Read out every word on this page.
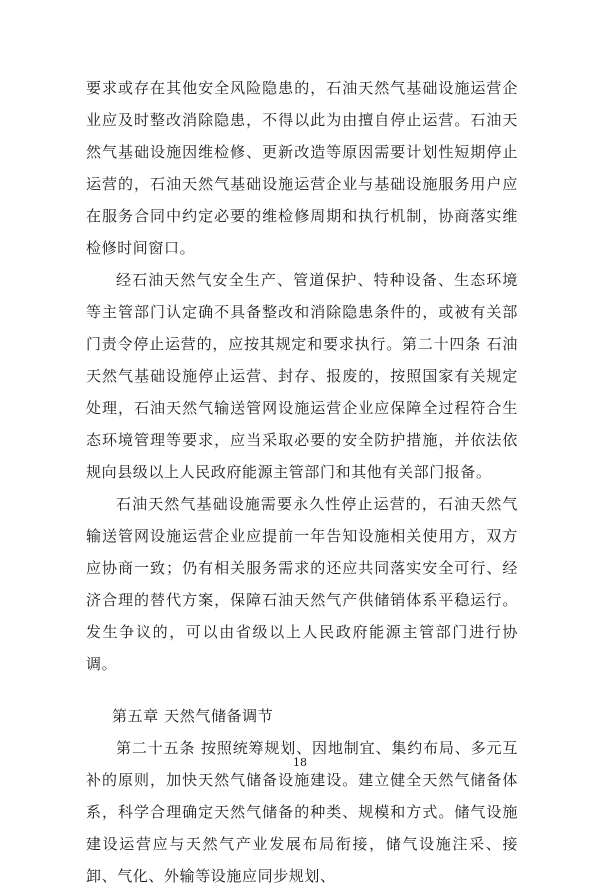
要求或存在其他安全风险隐患的，石油天然气基础设施运营企业应及时整改消除隐患，不得以此为由擅自停止运营。石油天然气基础设施因维检修、更新改造等原因需要计划性短期停止运营的，石油天然气基础设施运营企业与基础设施服务用户应在服务合同中约定必要的维检修周期和执行机制，协商落实维检修时间窗口。

经石油天然气安全生产、管道保护、特种设备、生态环境等主管部门认定确不具备整改和消除隐患条件的，或被有关部门责令停止运营的，应按其规定和要求执行。第二十四条 石油天然气基础设施停止运营、封存、报废的，按照国家有关规定处理，石油天然气输送管网设施运营企业应保障全过程符合生态环境管理等要求，应当采取必要的安全防护措施，并依法依规向县级以上人民政府能源主管部门和其他有关部门报备。

石油天然气基础设施需要永久性停止运营的，石油天然气输送管网设施运营企业应提前一年告知设施相关使用方，双方应协商一致；仍有相关服务需求的还应共同落实安全可行、经济合理的替代方案，保障石油天然气产供储销体系平稳运行。发生争议的，可以由省级以上人民政府能源主管部门进行协调。

第五章 天然气储备调节

第二十五条 按照统筹规划、因地制宜、集约布局、多元互补的原则，加快天然气储备设施建设。建立健全天然气储备体系，科学合理确定天然气储备的种类、规模和方式。储气设施建设运营应与天然气产业发展布局衔接，储气设施注采、接卸、气化、外输等设施应同步规划、

18
